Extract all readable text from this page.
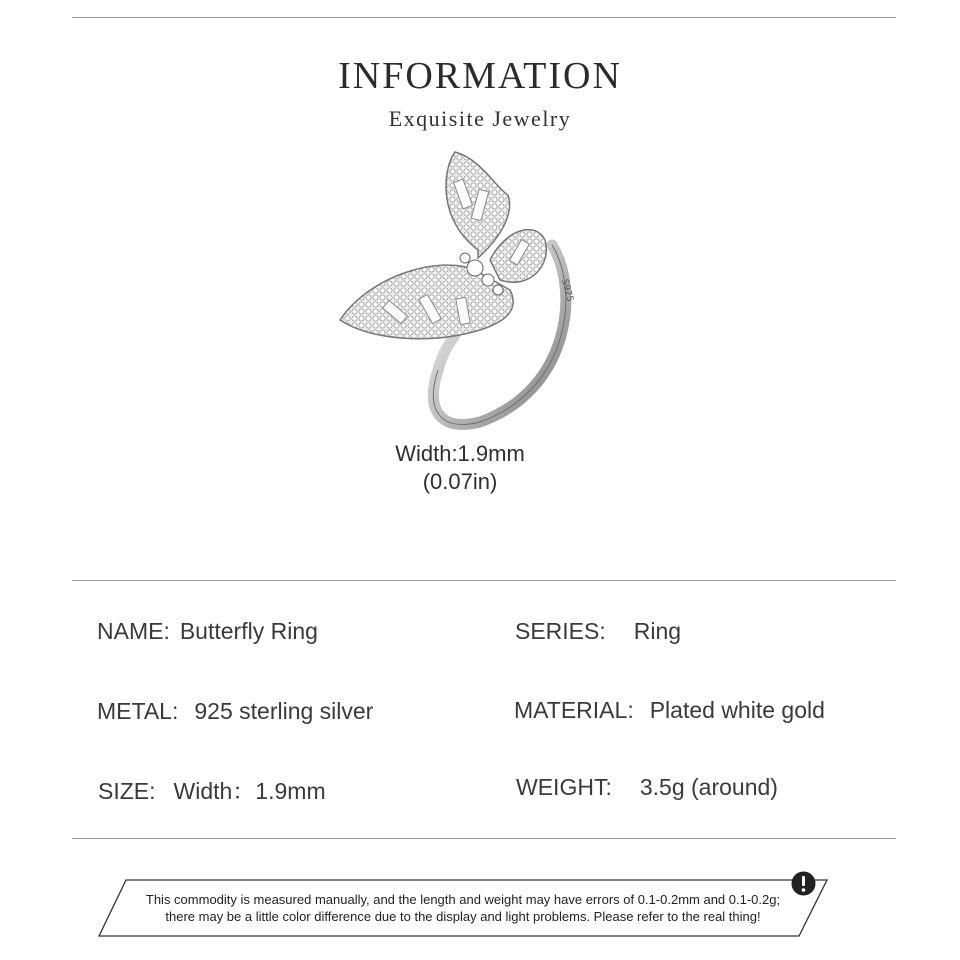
INFORMATION
Exquisite Jewelry
S925
Width:1.9mm
(0.07in)
NAME: Butterfly Ring	SERIES: Ring
METAL: 925 sterling silver	MATERIAL: Plated white gold
SIZE: Width：1.9mm	WEIGHT: 3.5g (around)
This commodity is measured manually, and the length and weight may have errors of 0.1-0.2mm and 0.1-0.2g;
there may be a little color difference due to the display and light problems. Please refer to the real thing!
